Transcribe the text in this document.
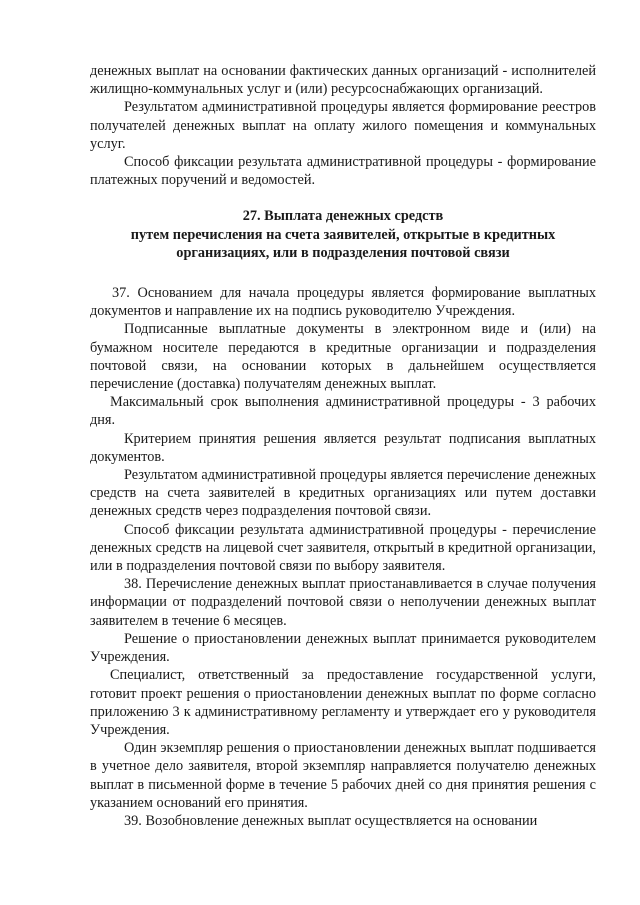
денежных выплат на основании фактических данных организаций - исполнителей жилищно-коммунальных услуг и (или) ресурсоснабжающих организаций.

Результатом административной процедуры является формирование реестров получателей денежных выплат на оплату жилого помещения и коммунальных услуг.

Способ фиксации результата административной процедуры - формирование платежных поручений и ведомостей.

27. Выплата денежных средств
путем перечисления на счета заявителей, открытые в кредитных
организациях, или в подразделения почтовой связи

37. Основанием для начала процедуры является формирование выплатных документов и направление их на подпись руководителю Учреждения.

Подписанные выплатные документы в электронном виде и (или) на бумажном носителе передаются в кредитные организации и подразделения почтовой связи, на основании которых в дальнейшем осуществляется перечисление (доставка) получателям денежных выплат.

Максимальный срок выполнения административной процедуры - 3 рабочих дня.

Критерием принятия решения является результат подписания выплатных документов.

Результатом административной процедуры является перечисление денежных средств на счета заявителей в кредитных организациях или путем доставки денежных средств через подразделения почтовой связи.

Способ фиксации результата административной процедуры - перечисление денежных средств на лицевой счет заявителя, открытый в кредитной организации, или в подразделения почтовой связи по выбору заявителя.

38. Перечисление денежных выплат приостанавливается в случае получения информации от подразделений почтовой связи о неполучении денежных выплат заявителем в течение 6 месяцев.

Решение о приостановлении денежных выплат принимается руководителем Учреждения.

Специалист, ответственный за предоставление государственной услуги, готовит проект решения о приостановлении денежных выплат по форме согласно приложению 3 к административному регламенту и утверждает его у руководителя Учреждения.

Один экземпляр решения о приостановлении денежных выплат подшивается в учетное дело заявителя, второй экземпляр направляется получателю денежных выплат в письменной форме в течение 5 рабочих дней со дня принятия решения с указанием оснований его принятия.

39. Возобновление денежных выплат осуществляется на основании
